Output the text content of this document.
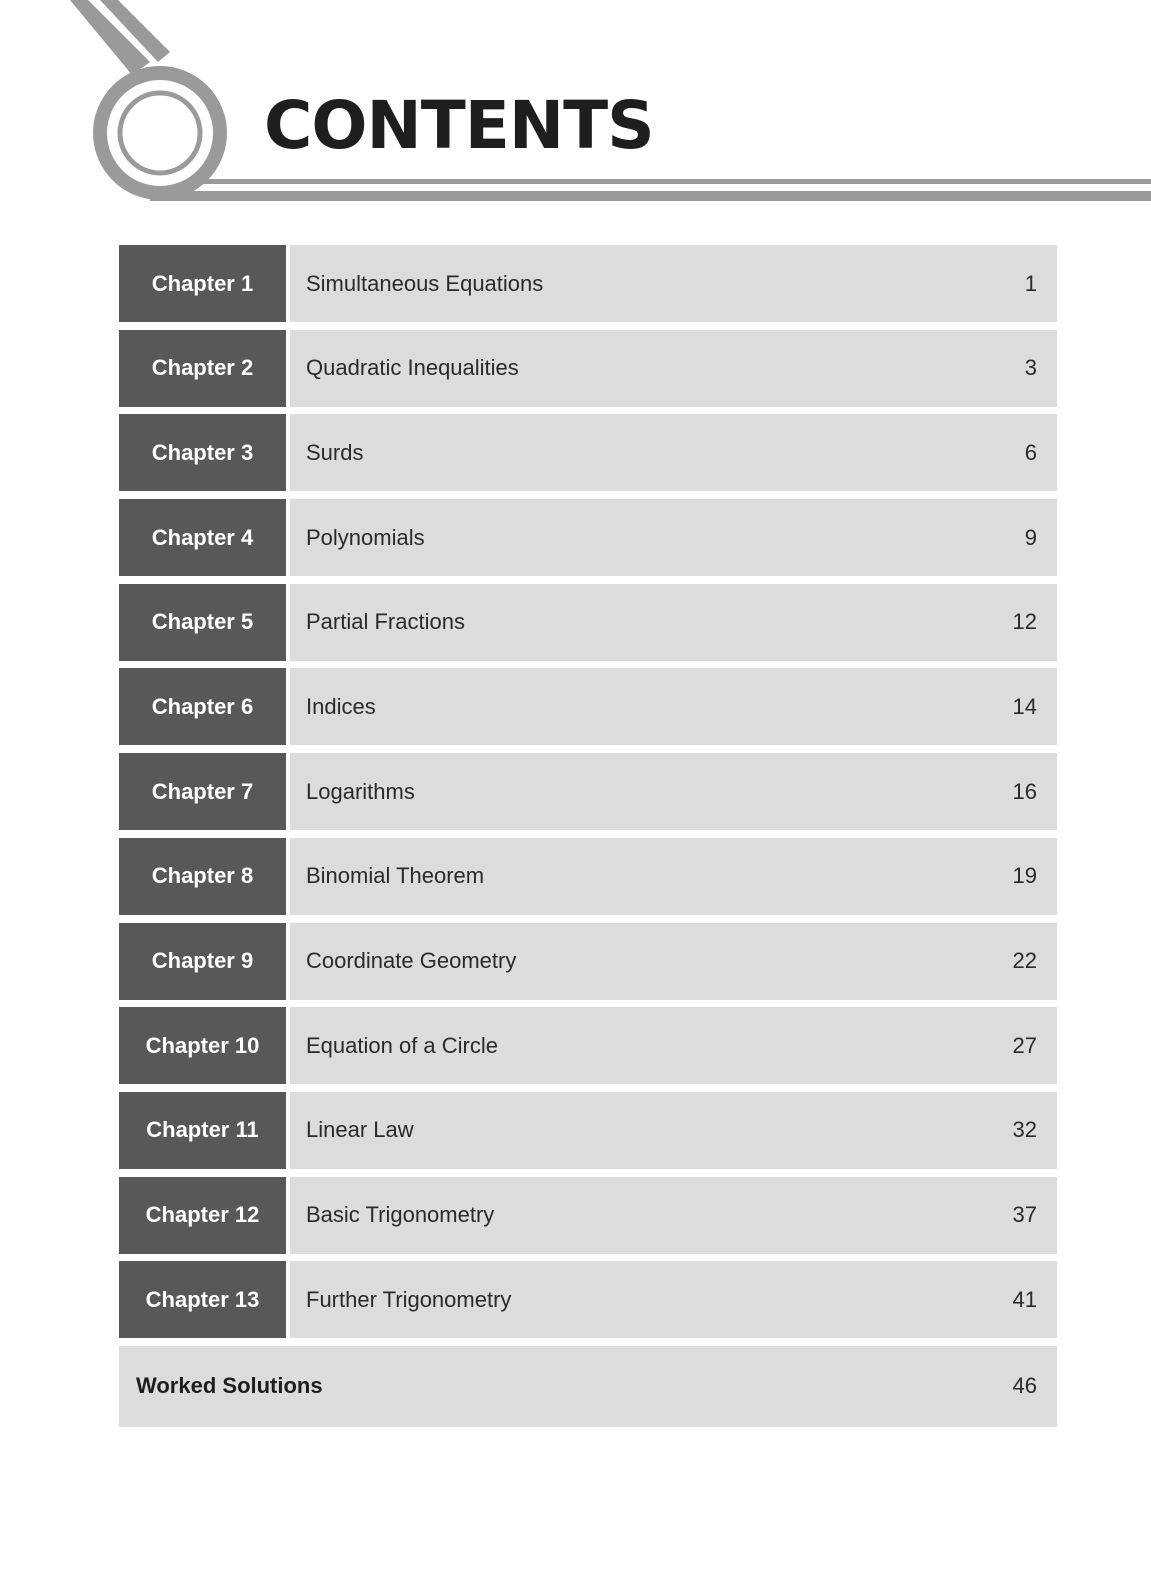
CONTENTS
Chapter 1	Simultaneous Equations	1
Chapter 2	Quadratic Inequalities	3
Chapter 3	Surds	6
Chapter 4	Polynomials	9
Chapter 5	Partial Fractions	12
Chapter 6	Indices	14
Chapter 7	Logarithms	16
Chapter 8	Binomial Theorem	19
Chapter 9	Coordinate Geometry	22
Chapter 10	Equation of a Circle	27
Chapter 11	Linear Law	32
Chapter 12	Basic Trigonometry	37
Chapter 13	Further Trigonometry	41
Worked Solutions	46
